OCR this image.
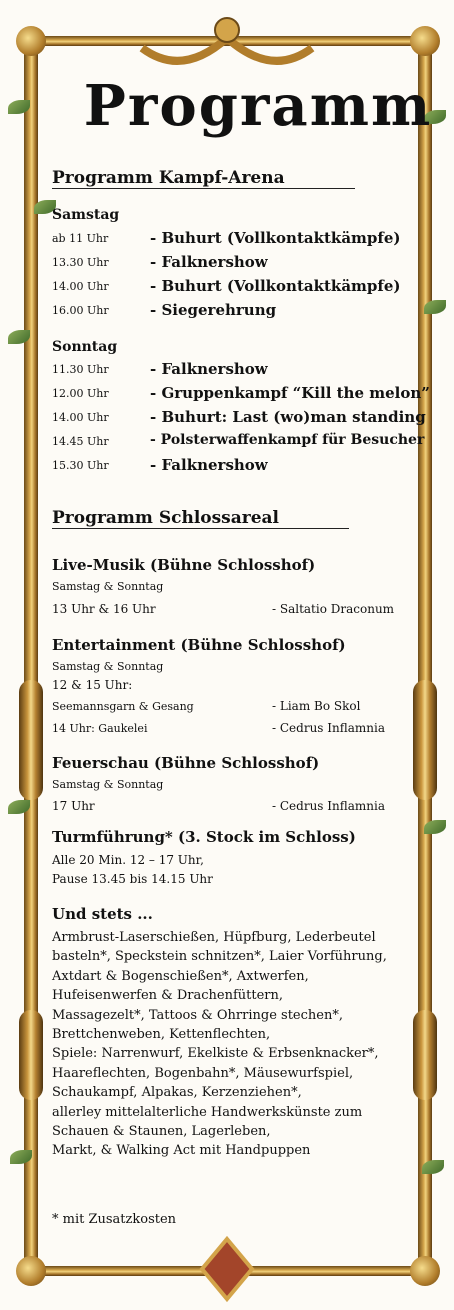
Programm
Programm Kampf-Arena
Samstag
ab 11 Uhr	- Buhurt (Vollkontaktkämpfe)
13.30 Uhr	- Falknershow
14.00 Uhr	- Buhurt (Vollkontaktkämpfe)
16.00 Uhr	- Siegerehrung
Sonntag
11.30 Uhr	- Falknershow
12.00 Uhr	- Gruppenkampf “Kill the melon”
14.00 Uhr	- Buhurt: Last (wo)man standing
14.45 Uhr	- Polsterwaffenkampf für Besucher
15.30 Uhr	- Falknershow
Programm Schlossareal
Live-Musik (Bühne Schlosshof)
Samstag & Sonntag
13 Uhr & 16 Uhr	- Saltatio Draconum
Entertainment (Bühne Schlosshof)
Samstag & Sonntag
12 & 15 Uhr:
Seemannsgarn & Gesang	- Liam Bo Skol
14 Uhr: Gaukelei	- Cedrus Inflamnia
Feuerschau (Bühne Schlosshof)
Samstag & Sonntag
17 Uhr	- Cedrus Inflamnia
Turmführung* (3. Stock im Schloss)
Alle 20 Min. 12 – 17 Uhr,
Pause 13.45 bis 14.15 Uhr
Und stets ...
Armbrust-Laserschießen, Hüpfburg, Lederbeutel
basteln*, Speckstein schnitzen*, Laier Vorführung,
Axtdart & Bogenschießen*, Axtwerfen,
Hufeisenwerfen & Drachenfüttern,
Massagezelt*, Tattoos & Ohrringe stechen*,
Brettchenweben, Kettenflechten,
Spiele: Narrenwurf, Ekelkiste & Erbsenknacker*,
Haareflechten, Bogenbahn*, Mäusewurfspiel,
Schaukampf, Alpakas, Kerzenziehen*,
allerley mittelalterliche Handwerkskünste zum
Schauen & Staunen, Lagerleben,
Markt, & Walking Act mit Handpuppen
* mit Zusatzkosten
